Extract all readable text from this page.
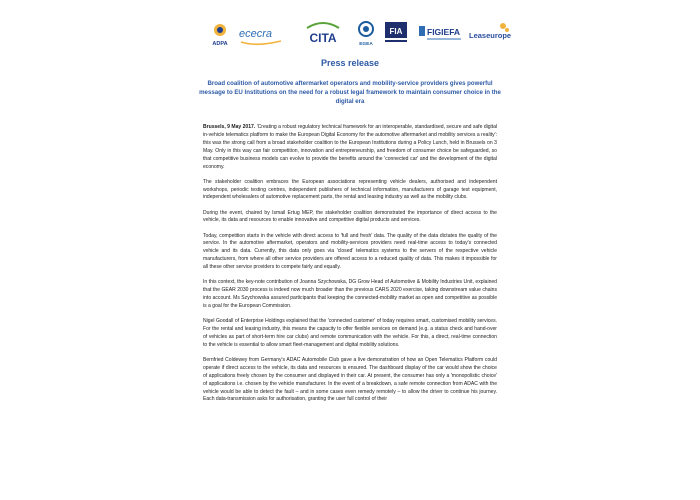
ADPA
ececra	CITA	EGEA
FIA	FIGIEFA Leaseurope
Press release
Broad coalition of automotive aftermarket operators and mobility-service providers gives powerful message to EU Institutions on the need for a robust legal framework to maintain consumer choice in the digital era

Brussels, 9 May 2017. 'Creating a robust regulatory technical framework for an interoperable, standardised, secure and safe digital in-vehicle telematics platform to make the European Digital Economy for the automotive aftermarket and mobility services a reality': this was the strong call from a broad stakeholder coalition to the European Institutions during a Policy Lunch, held in Brussels on 3 May. Only in this way can fair competition, innovation and entrepreneurship, and freedom of consumer choice be safeguarded, so that competitive business models can evolve to provide the benefits around the 'connected car' and the development of the digital economy.

The stakeholder coalition embraces the European associations representing vehicle dealers, authorised and independent workshops, periodic testing centres, independent publishers of technical information, manufacturers of garage test equipment, independent wholesalers of automotive replacement parts, the rental and leasing industry as well as the mobility clubs.

During the event, chaired by Ismail Ertug MEP, the stakeholder coalition demonstrated the importance of direct access to the vehicle, its data and resources to enable innovative and competitive digital products and services.

Today, competition starts in the vehicle with direct access to 'full and fresh' data. The quality of the data dictates the quality of the service. In the automotive aftermarket, operators and mobility-services providers need real-time access to today's connected vehicle and its data. Currently, this data only goes via 'closed' telematics systems to the servers of the respective vehicle manufacturers, from where all other service providers are offered access to a reduced quality of data. This makes it impossible for all these other service providers to compete fairly and equally.

In this context, the key-note contribution of Joanna Szychowska, DG Grow Head of Automotive & Mobility Industries Unit, explained that the GEAR 2030 process is indeed now much broader than the previous CARS 2020 exercise, taking downstream value chains into account. Ms Szychowska assured participants that keeping the connected-mobility market as open and competitive as possible is a goal for the European Commission.

Nigel Goodall of Enterprise Holdings explained that the 'connected customer' of today requires smart, customised mobility services. For the rental and leasing industry, this means the capacity to offer flexible services on demand (e.g. a status check and hand-over of vehicles as part of short-term hire car clubs) and remote communication with the vehicle. For this, a direct, real-time connection to the vehicle is essential to allow smart fleet-management and digital mobility solutions.

Bernfried Coldewey from Germany's ADAC Automobile Club gave a live demonstration of how an Open Telematics Platform could operate if direct access to the vehicle, its data and resources is ensured. The dashboard display of the car would show the choice of applications freely chosen by the consumer and displayed in their car. At present, the consumer has only a 'monopolistic choice' of applications i.e. chosen by the vehicle manufacturer. In the event of a breakdown, a safe remote connection from ADAC with the vehicle would be able to detect the fault – and in some cases even remedy remotely – to allow the driver to continue his journey. Each data-transmission asks for authorisation, granting the user full control of their
